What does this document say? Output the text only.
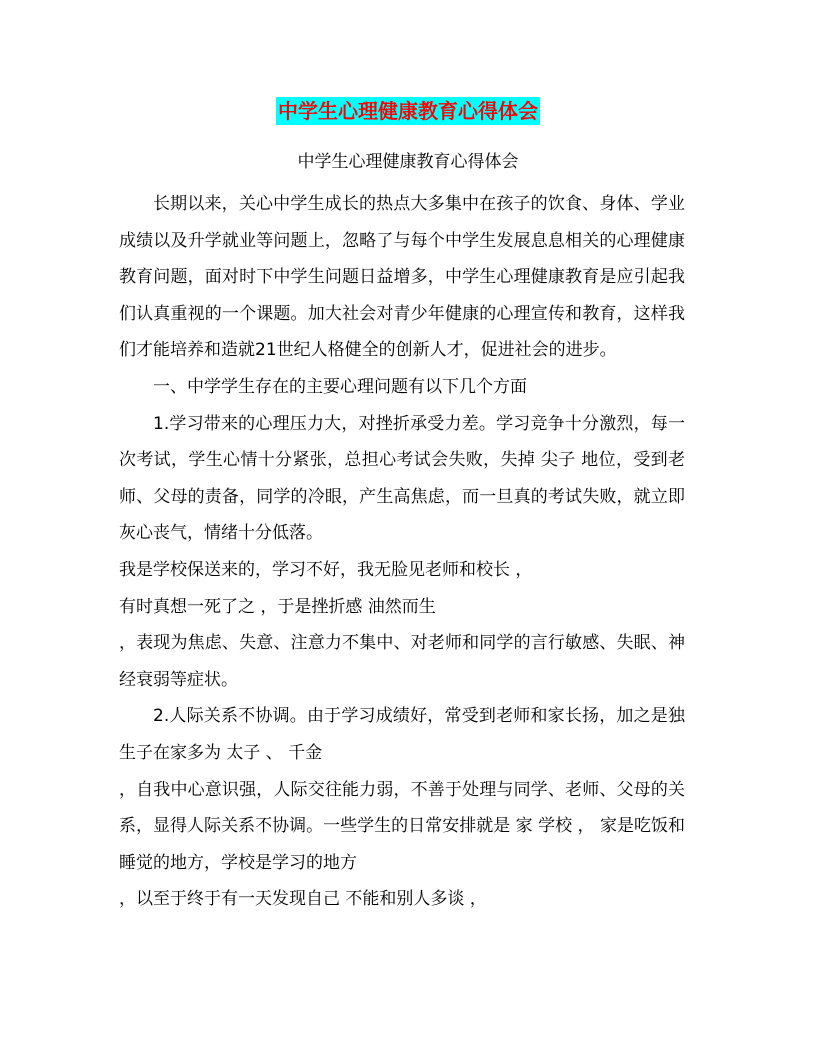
中学生心理健康教育心得体会
中学生心理健康教育心得体会

长期以来，关心中学生成长的热点大多集中在孩子的饮食、身体、学业成绩以及升学就业等问题上，忽略了与每个中学生发展息息相关的心理健康教育问题，面对时下中学生问题日益增多，中学生心理健康教育是应引起我们认真重视的一个课题。加大社会对青少年健康的心理宣传和教育，这样我们才能培养和造就21世纪人格健全的创新人才，促进社会的进步。

一、中学学生存在的主要心理问题有以下几个方面

1.学习带来的心理压力大，对挫折承受力差。学习竞争十分激烈，每一次考试，学生心情十分紧张，总担心考试会失败，失掉 尖子 地位，受到老师、父母的责备，同学的冷眼，产生高焦虑，而一旦真的考试失败，就立即灰心丧气，情绪十分低落。

我是学校保送来的，学习不好，我无脸见老师和校长 ，

有时真想一死了之 ，于是挫折感 油然而生

，表现为焦虑、失意、注意力不集中、对老师和同学的言行敏感、失眠、神经衰弱等症状。

2.人际关系不协调。由于学习成绩好，常受到老师和家长扬，加之是独生子在家多为 太子 、 千金

，自我中心意识强，人际交往能力弱，不善于处理与同学、老师、父母的关系，显得人际关系不协调。一些学生的日常安排就是 家 学校 ， 家是吃饭和睡觉的地方，学校是学习的地方

，以至于终于有一天发现自己 不能和别人多谈 ，
